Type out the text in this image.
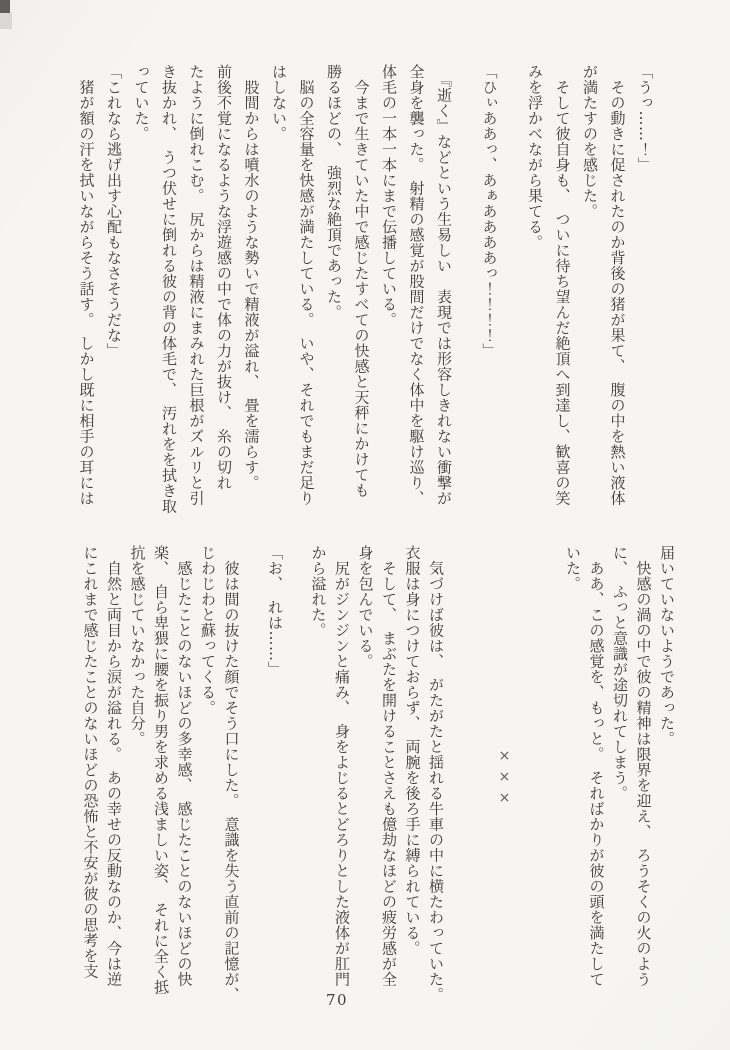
「うっ……！」
　その動きに促されたのか背後の猪が果て、　腹の中を熱い液体
が満たすのを感じた。
　そして彼自身も、　ついに待ち望んだ絶頂へ到達し、歓喜の笑
みを浮かべながら果てる。
「ひぃああっ、あぁああああっ！！！！」
　『逝く』などという生易しい　表現では形容しきれない衝撃が
全身を襲った。　射精の感覚が股間だけでなく体中を駆け巡り、
体毛の一本一本にまで伝播している。
　今まで生きていた中で感じたすべての快感と天秤にかけても
勝るほどの、　強烈な絶頂であった。
　脳の全容量を快感が満たしている。　いや、それでもまだ足り
はしない。
　股間からは噴水のような勢いで精液が溢れ、　畳を濡らす。
前後不覚になるような浮遊感の中で体の力が抜け、　糸の切れ
たように倒れこむ。　尻からは精液にまみれた巨根がズルリと引
き抜かれ、　うつ伏せに倒れる彼の背の体毛で、　汚れをを拭き取
っていた。
「これなら逃げ出す心配もなさそうだな」
　猪が額の汗を拭いながらそう話す。　しかし既に相手の耳には
届いていないようであった。
　快感の渦の中で彼の精神は限界を迎え、　ろうそくの火のよう
に、　ふっと意識が途切れてしまう。
　ああ、この感覚を、もっと。　そればかりが彼の頭を満たして
いた。
×××
　気づけば彼は、　がたがたと揺れる牛車の中に横たわっていた。
衣服は身につけておらず、　両腕を後ろ手に縛られている。
　そして、　まぶたを開けることさえも億劫なほどの疲労感が全
身を包んでいる。
　尻がジンジンと痛み、　身をよじるとどろりとした液体が肛門
から溢れた。
「お、　れは……」
　彼は間の抜けた顔でそう口にした。　意識を失う直前の記憶が、
じわじわと蘇ってくる。
　感じたことのないほどの多幸感、　感じたことのないほどの快
楽、　自ら卑猥に腰を振り男を求める浅ましい姿、　それに全く抵
抗を感じていなかった自分。
　自然と両目から涙が溢れる。　あの幸せの反動なのか、今は逆
にこれまで感じたことのないほどの恐怖と不安が彼の思考を支
70
